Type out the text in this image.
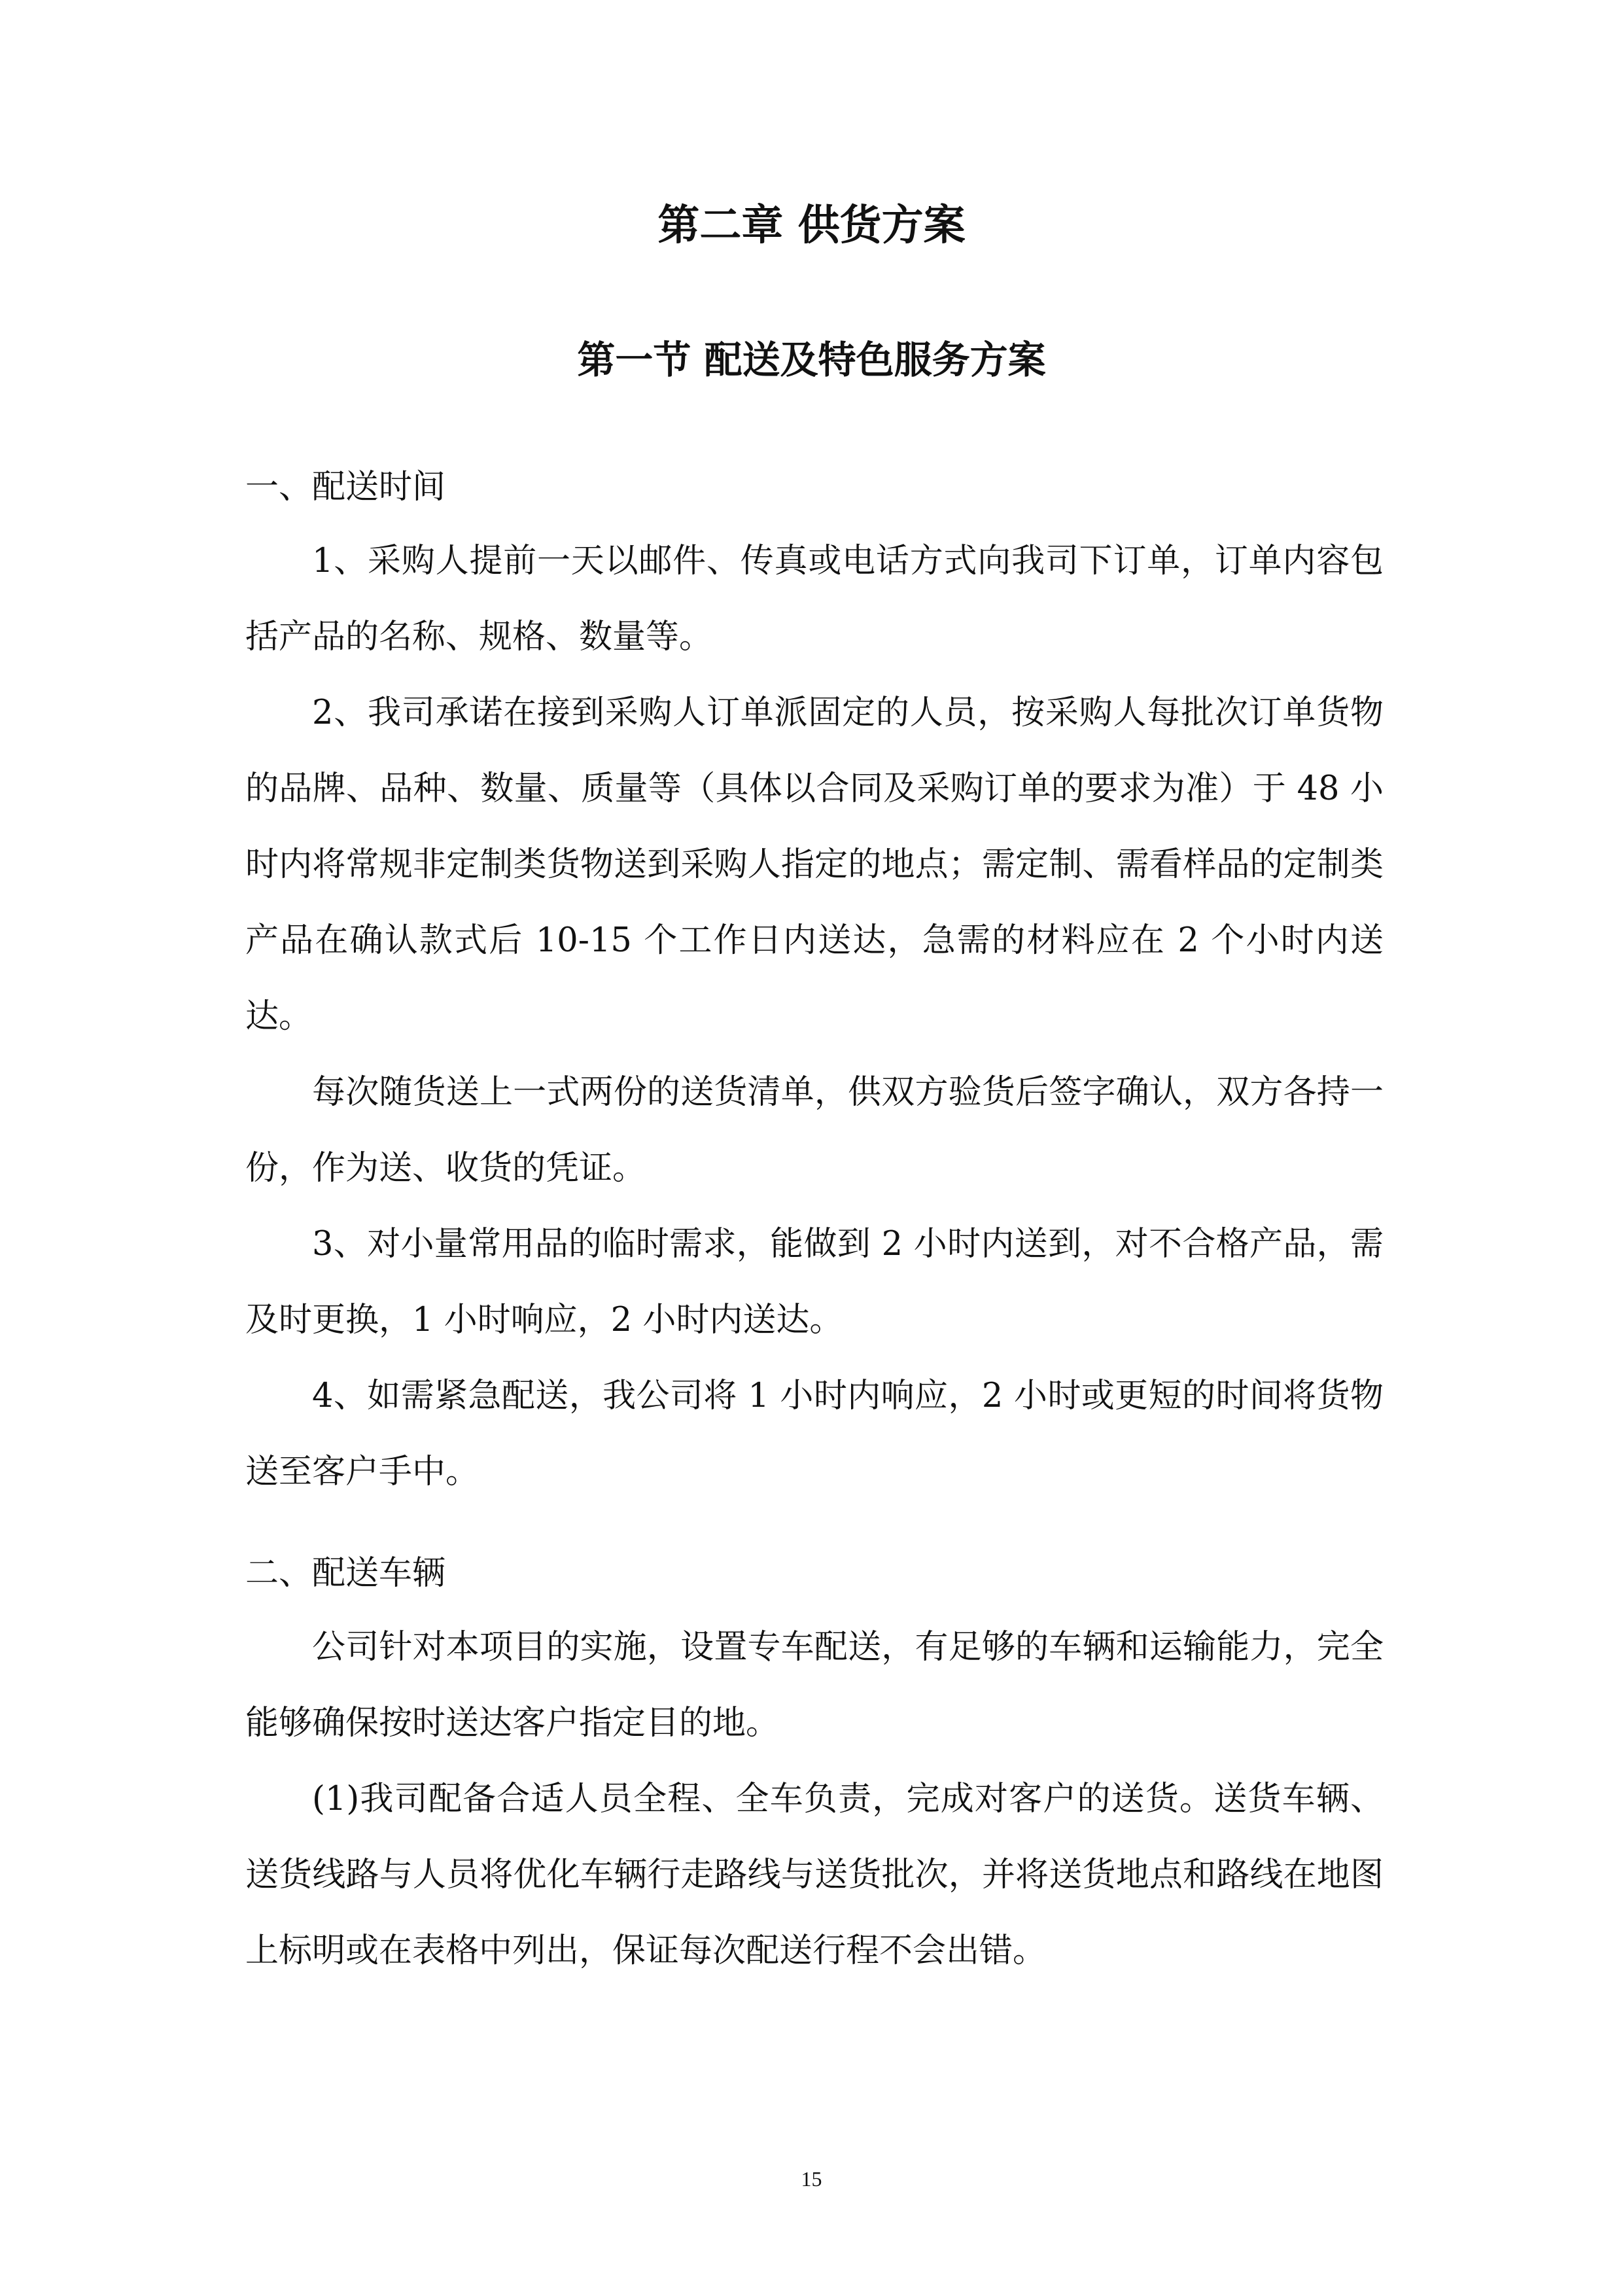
第二章 供货方案
第一节 配送及特色服务方案
一、配送时间

1、采购人提前一天以邮件、传真或电话方式向我司下订单，订单内容包括产品的名称、规格、数量等。

2、我司承诺在接到采购人订单派固定的人员，按采购人每批次订单货物的品牌、品种、数量、质量等（具体以合同及采购订单的要求为准）于 48 小时内将常规非定制类货物送到采购人指定的地点；需定制、需看样品的定制类产品在确认款式后 10-15 个工作日内送达，急需的材料应在 2 个小时内送达。

每次随货送上一式两份的送货清单，供双方验货后签字确认，双方各持一份，作为送、收货的凭证。

3、对小量常用品的临时需求，能做到 2 小时内送到，对不合格产品，需及时更换，1 小时响应，2 小时内送达。

4、如需紧急配送，我公司将 1 小时内响应，2 小时或更短的时间将货物送至客户手中。

二、配送车辆

公司针对本项目的实施，设置专车配送，有足够的车辆和运输能力，完全能够确保按时送达客户指定目的地。

(1)我司配备合适人员全程、全车负责，完成对客户的送货。送货车辆、送货线路与人员将优化车辆行走路线与送货批次，并将送货地点和路线在地图上标明或在表格中列出，保证每次配送行程不会出错。

15
